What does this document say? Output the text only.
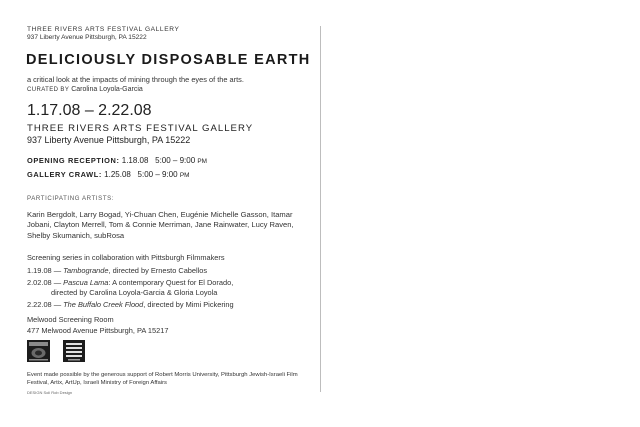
THREE RIVERS ARTS FESTIVAL GALLERY
937 Liberty Avenue Pittsburgh, PA 15222
DELICIOUSLY DISPOSABLE EARTH
a critical look at the impacts of mining through the eyes of the arts.
CURATED BY Carolina Loyola-Garcia
1.17.08 – 2.22.08
THREE RIVERS ARTS FESTIVAL GALLERY
937 Liberty Avenue Pittsburgh, PA 15222
OPENING RECEPTION: 1.18.08 5:00 – 9:00 PM
GALLERY CRAWL: 1.25.08 5:00 – 9:00 PM
PARTICIPATING ARTISTS:
Karin Bergdolt, Larry Bogad, Yi-Chuan Chen, Eugénie Michelle Gasson, Itamar Jobani, Clayton Merrell, Tom & Connie Merriman, Jane Rainwater, Lucy Raven, Shelby Skumanich, subRosa
Screening series in collaboration with Pittsburgh Filmmakers
1.19.08 — Tambogrande, directed by Ernesto Cabellos
2.02.08 — Pascua Lama: A contemporary Quest for El Dorado,
directed by Carolina Loyola-Garcia & Gloria Loyola
2.22.08 — The Buffalo Creek Flood, directed by Mimi Pickering
Melwood Screening Room
477 Melwood Avenue Pittsburgh, PA 15217
Event made possible by the generous support of Robert Morris University, Pittsburgh Jewish-Israeli Film Festival, Artix, ArtUp, Israeli Ministry of Foreign Affairs
DESIGN Soli Rob Design
